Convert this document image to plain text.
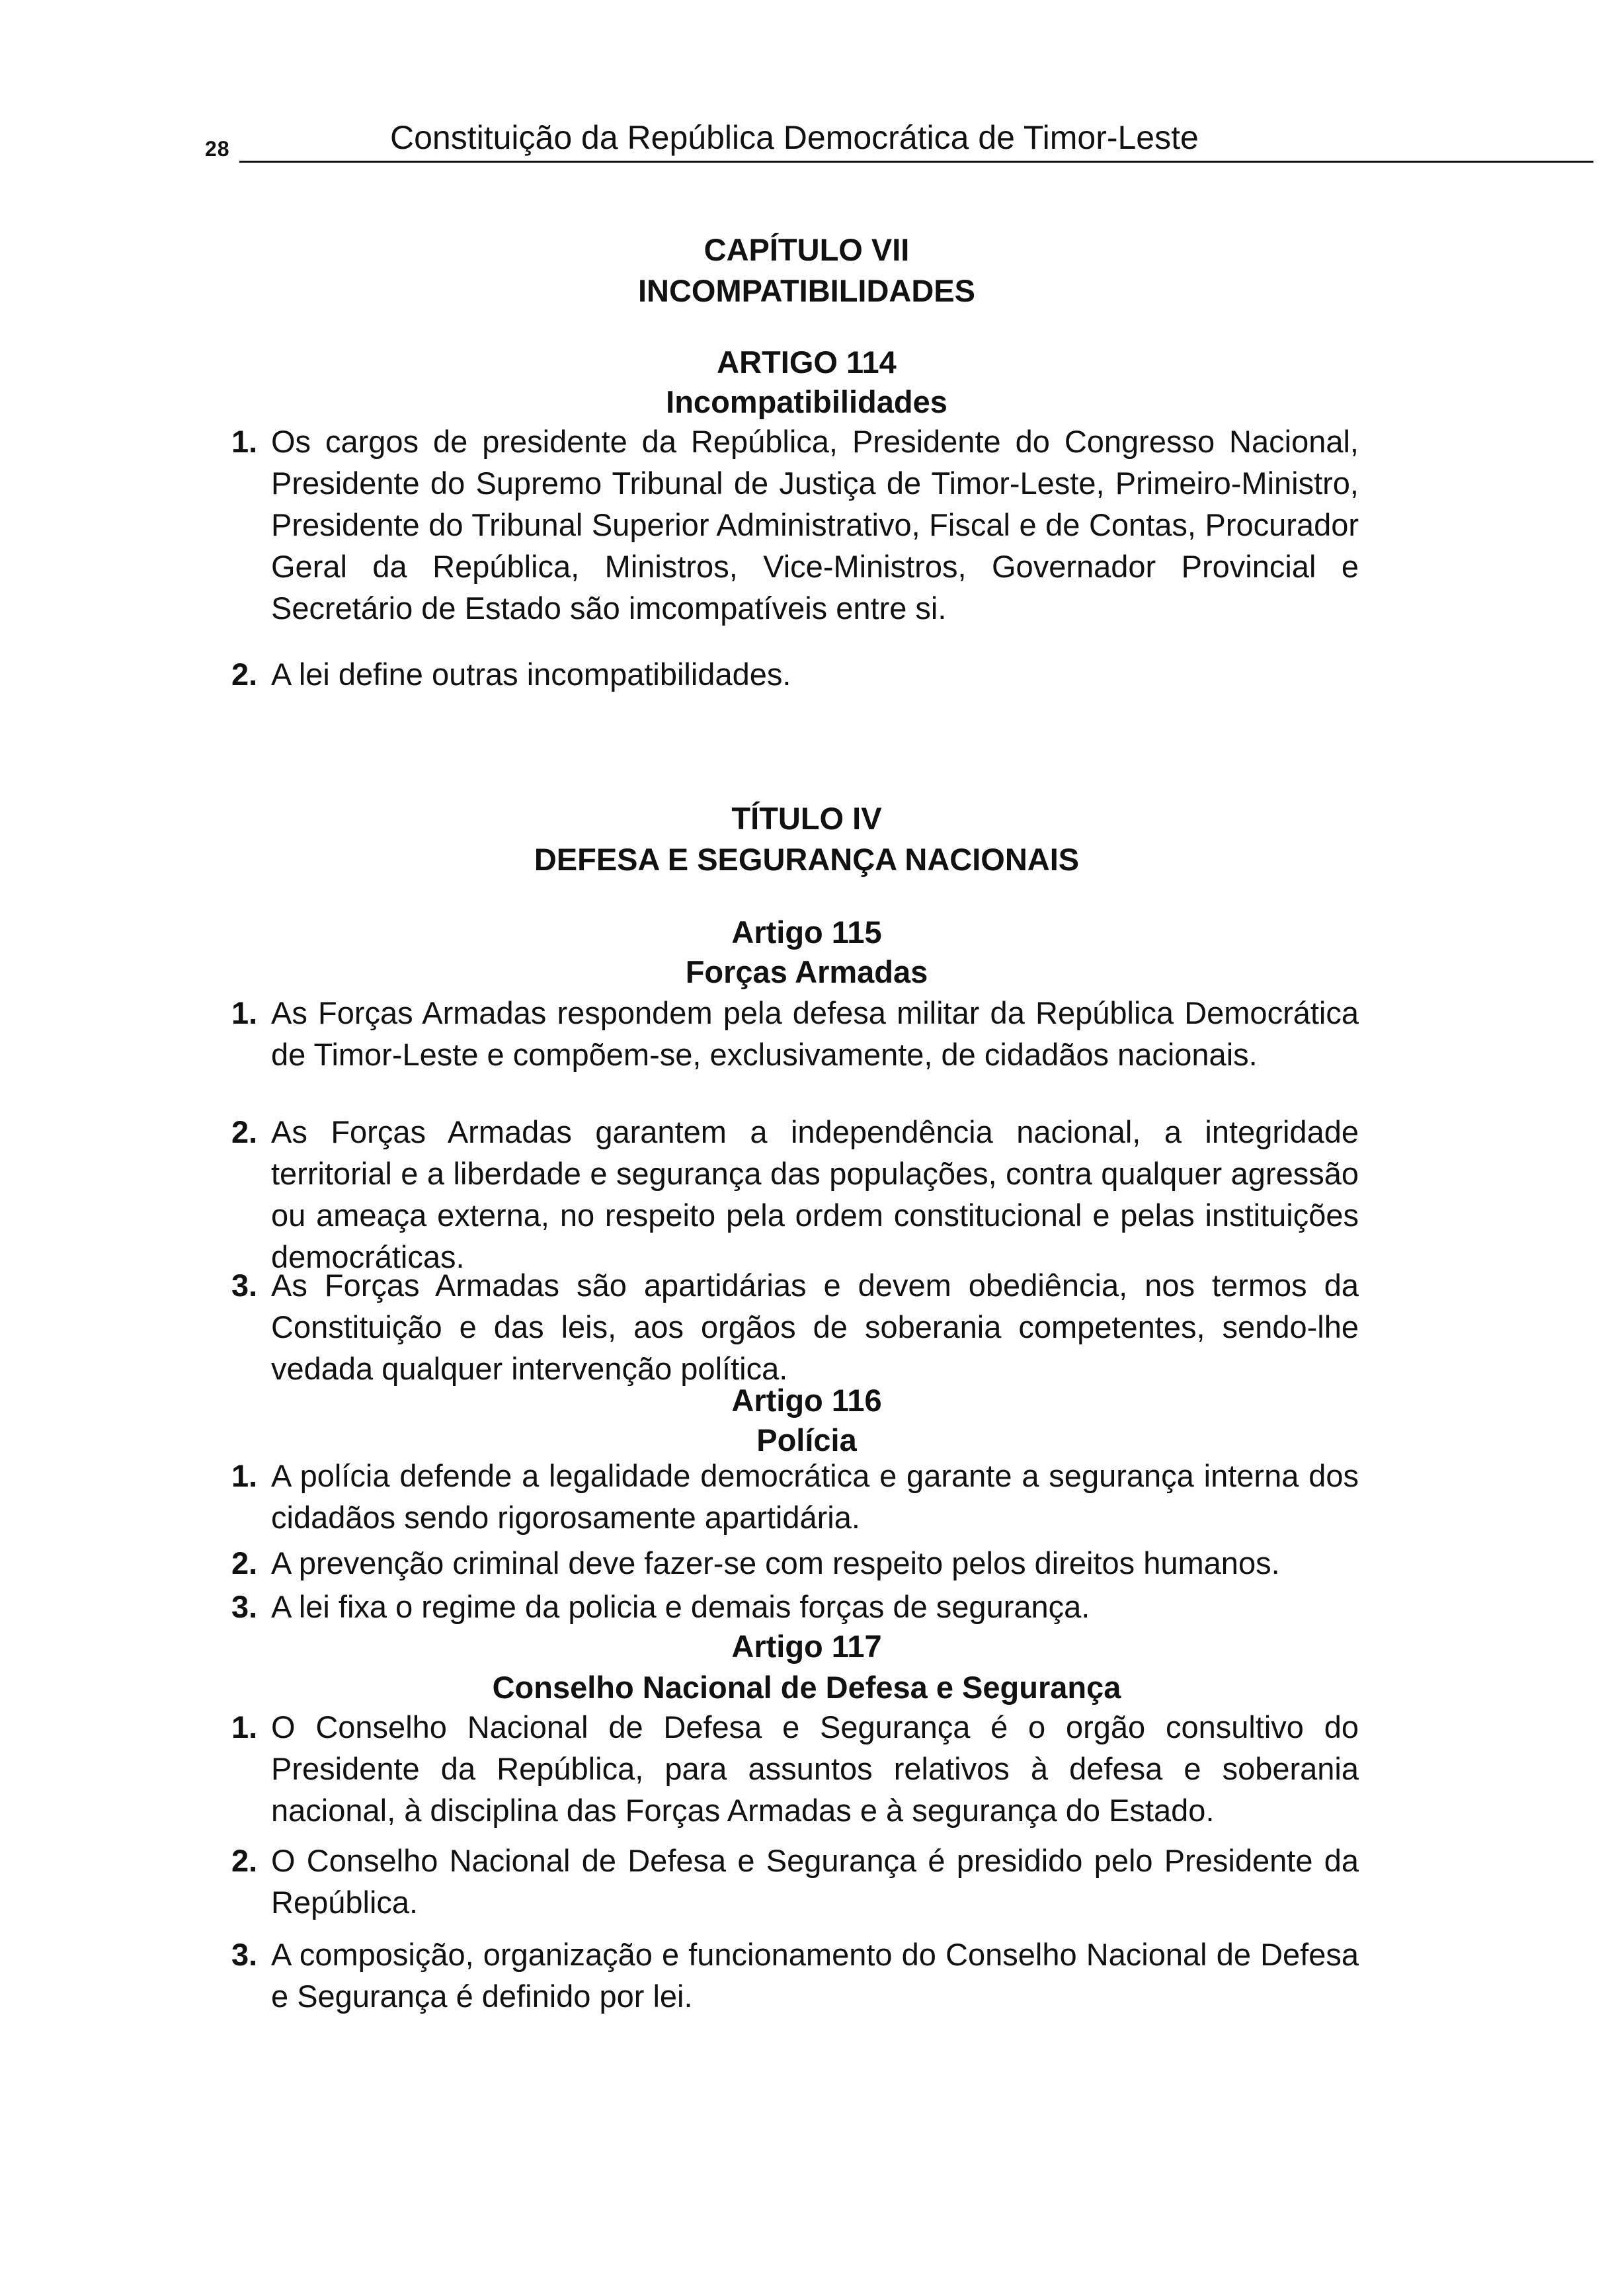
28	Constituição da República Democrática de Timor-Leste
CAPÍTULO VII
INCOMPATIBILIDADES
ARTIGO 114
Incompatibilidades
1. Os cargos de presidente da República, Presidente do Congresso Nacional, Presidente do Supremo Tribunal de Justiça de Timor-Leste, Primeiro-Ministro, Presidente do Tribunal Superior Administrativo, Fiscal e de Contas, Procurador Geral da República, Ministros, Vice-Ministros, Governador Provincial e Secretário de Estado são imcompatíveis entre si.
2. A lei define outras incompatibilidades.
TÍTULO IV
DEFESA E SEGURANÇA NACIONAIS
Artigo 115
Forças Armadas
1. As Forças Armadas respondem pela defesa militar da República Democrática de Timor-Leste e compõem-se, exclusivamente, de cidadãos nacionais.
2. As Forças Armadas garantem a independência nacional, a integridade territorial e a liberdade e segurança das populações, contra qualquer agressão ou ameaça externa, no respeito pela ordem constitucional e pelas instituições democráticas.
3. As Forças Armadas são apartidárias e devem obediência, nos termos da Constituição e das leis, aos orgãos de soberania competentes, sendo-lhe vedada qualquer intervenção política.
Artigo 116
Polícia
1. A polícia defende a legalidade democrática e garante a segurança interna dos cidadãos sendo rigorosamente apartidária.
2. A prevenção criminal deve fazer-se com respeito pelos direitos humanos.
3. A lei fixa o regime da policia e demais forças de segurança.
Artigo 117
Conselho Nacional de Defesa e Segurança
1. O Conselho Nacional de Defesa e Segurança é o orgão consultivo do Presidente da República, para assuntos relativos à defesa e soberania nacional, à disciplina das Forças Armadas e à segurança do Estado.
2. O Conselho Nacional de Defesa e Segurança é presidido pelo Presidente da República.
3. A composição, organização e funcionamento do Conselho Nacional de Defesa e Segurança é definido por lei.
